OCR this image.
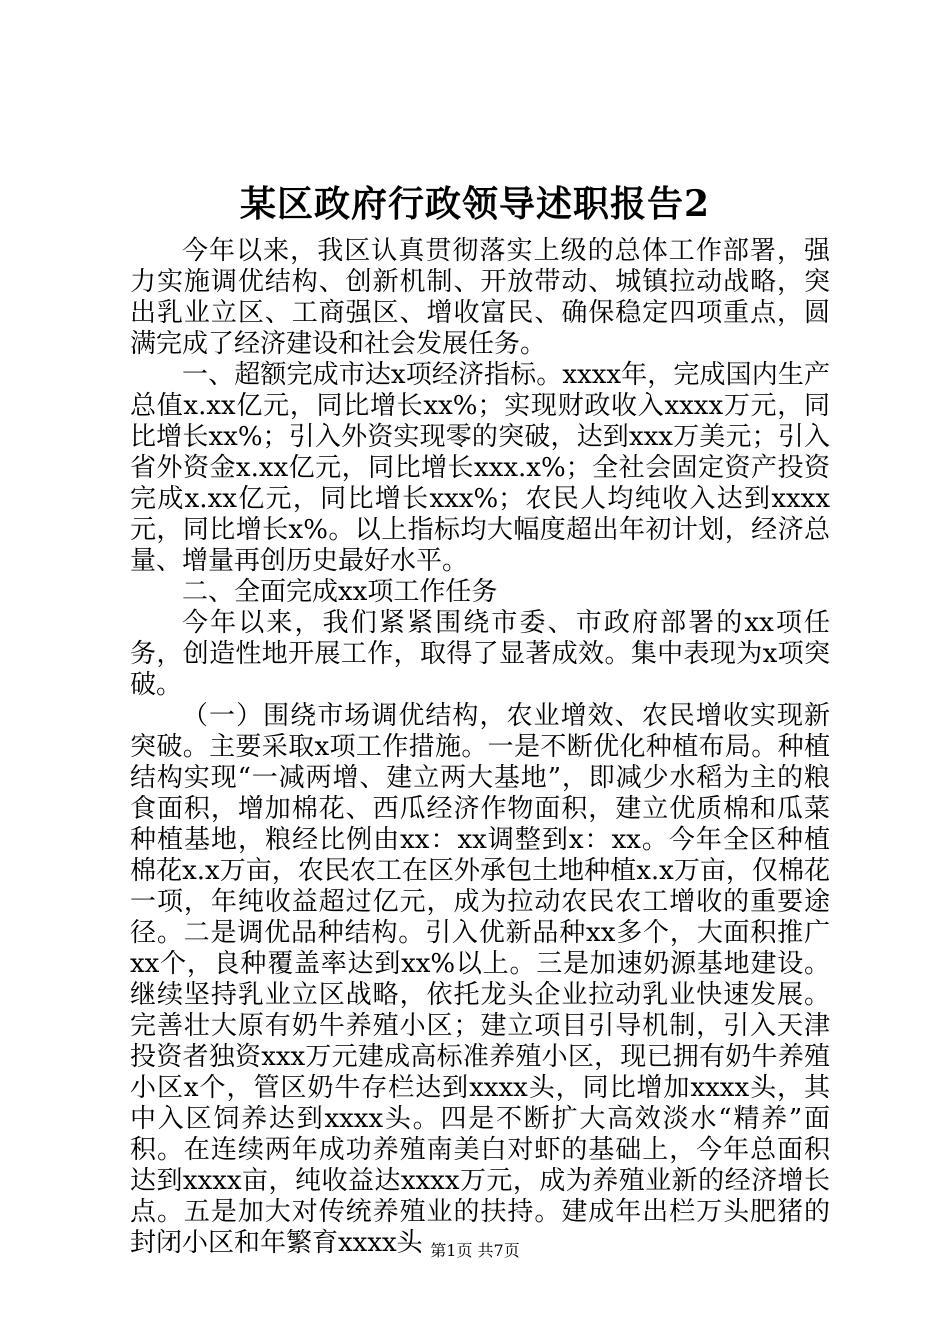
某区政府行政领导述职报告2

今年以来，我区认真贯彻落实上级的总体工作部署，强力实施调优结构、创新机制、开放带动、城镇拉动战略，突出乳业立区、工商强区、增收富民、确保稳定四项重点，圆满完成了经济建设和社会发展任务。

一、超额完成市达x项经济指标。xxxx年，完成国内生产总值x.xx亿元，同比增长xx%；实现财政收入xxxx万元，同比增长xx%；引入外资实现零的突破，达到xxx万美元；引入省外资金x.xx亿元，同比增长xxx.x%；全社会固定资产投资完成x.xx亿元，同比增长xxx%；农民人均纯收入达到xxxx元，同比增长x%。以上指标均大幅度超出年初计划，经济总量、增量再创历史最好水平。

二、全面完成xx项工作任务

今年以来，我们紧紧围绕市委、市政府部署的xx项任务，创造性地开展工作，取得了显著成效。集中表现为x项突破。

（一）围绕市场调优结构，农业增效、农民增收实现新突破。主要采取x项工作措施。一是不断优化种植布局。种植结构实现“一减两增、建立两大基地”，即减少水稻为主的粮食面积，增加棉花、西瓜经济作物面积，建立优质棉和瓜菜种植基地，粮经比例由xx：xx调整到x：xx。今年全区种植棉花x.x万亩，农民农工在区外承包土地种植x.x万亩，仅棉花一项，年纯收益超过亿元，成为拉动农民农工增收的重要途径。二是调优品种结构。引入优新品种xx多个，大面积推广xx个，良种覆盖率达到xx%以上。三是加速奶源基地建设。继续坚持乳业立区战略，依托龙头企业拉动乳业快速发展。完善壮大原有奶牛养殖小区；建立项目引导机制，引入天津投资者独资xxx万元建成高标准养殖小区，现已拥有奶牛养殖小区x个，管区奶牛存栏达到xxxx头，同比增加xxxx头，其中入区饲养达到xxxx头。四是不断扩大高效淡水“精养”面积。在连续两年成功养殖南美白对虾的基础上，今年总面积达到xxxx亩，纯收益达xxxx万元，成为养殖业新的经济增长点。五是加大对传统养殖业的扶持。建成年出栏万头肥猪的封闭小区和年繁育xxxx头 第1页 共7页
